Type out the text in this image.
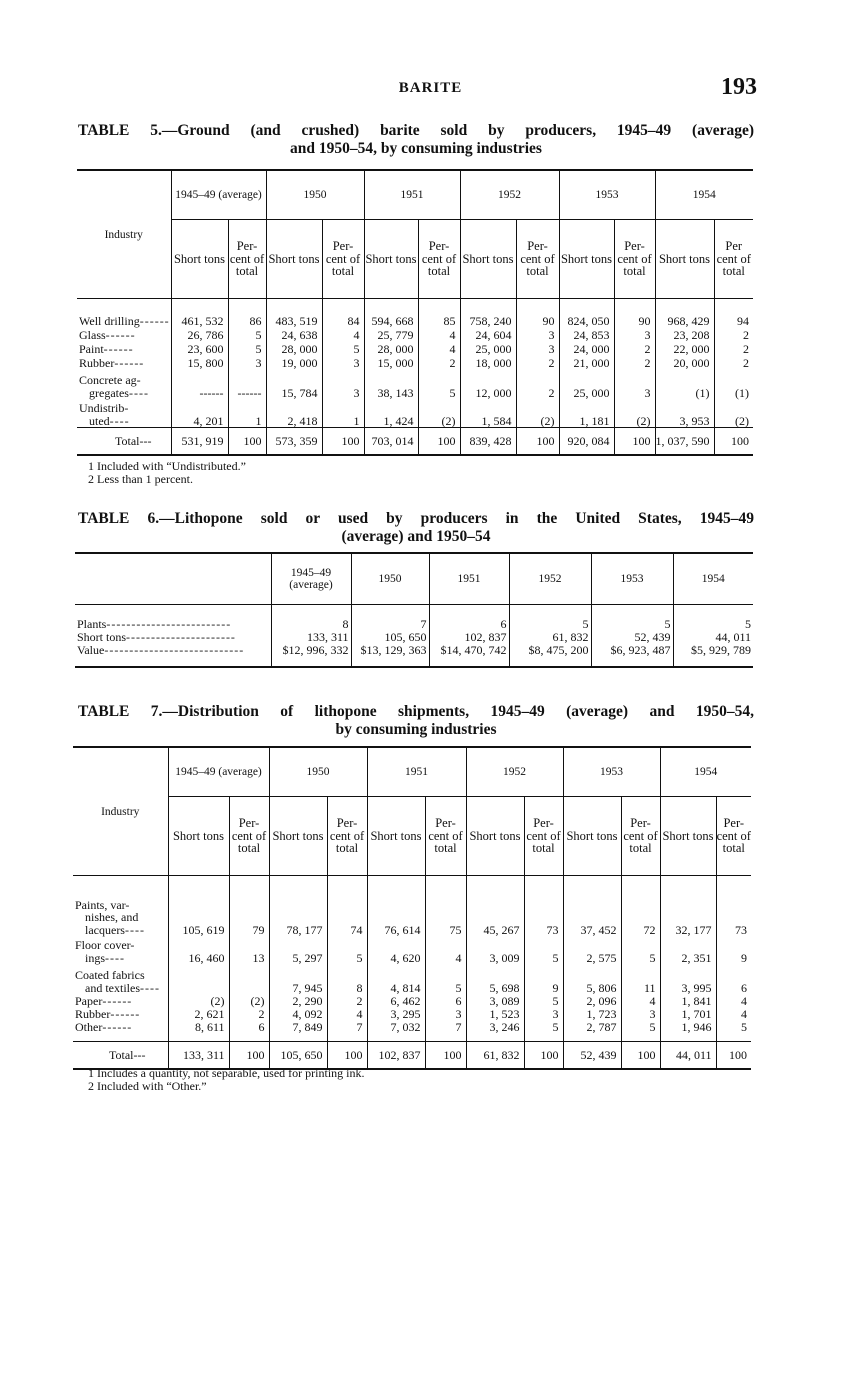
BARITE	193
TABLE 5.—Ground (and crushed) barite sold by producers, 1945–49 (average)
and 1950–54, by consuming industries
Industry	1945–49 (average)		1950		1951		1952		1953		1954	
	Short tons	Per- cent of total	Short tons	Per- cent of total	Short tons	Per- cent of total	Short tons	Per- cent of total	Short tons	Per- cent of total	Short tons	Per cent of total
Well drilling------	461, 532	86	483, 519	84	594, 668	85	758, 240	90	824, 050	90	968, 429	94
Glass------	26, 786	5	24, 638	4	25, 779	4	24, 604	3	24, 853	3	23, 208	2
Paint------	23, 600	5	28, 000	5	28, 000	4	25, 000	3	24, 000	2	22, 000	2
Rubber------	15, 800	3	19, 000	3	15, 000	2	18, 000	2	21, 000	2	20, 000	2

Concrete ag-
gregates----	------	------	15, 784	3	38, 143	5	12, 000	2	25, 000	3	(1)	(1)

Undistrib-
uted----	4, 201	1	2, 418	1	1, 424	(2)	1, 584	(2)	1, 181	(2)	3, 953	(2)
Total---	531, 919	100	573, 359	100	703, 014	100	839, 428	100	920, 084	100	1, 037, 590	100
1 Included with “Undistributed.”
2 Less than 1 percent.
TABLE 6.—Lithopone sold or used by producers in the United States, 1945–49
(average) and 1950–54
	1945–49 (average)	1950	1951	1952	1953	1954
Plants-------------------------	8	7	6	5	5	5
Short tons----------------------	133, 311	105, 650	102, 837	61, 832	52, 439	44, 011
Value----------------------------	$12, 996, 332	$13, 129, 363	$14, 470, 742	$8, 475, 200	$6, 923, 487	$5, 929, 789
TABLE 7.—Distribution of lithopone shipments, 1945–49 (average) and 1950–54,
by consuming industries
Industry	1945–49 (average)		1950		1951		1952		1953		1954	
	Short tons	Per- cent of total	Short tons	Per- cent of total	Short tons	Per- cent of total	Short tons	Per- cent of total	Short tons	Per- cent of total	Short tons	Per- cent of total

Paints, var-
nishes, and
lacquers----	105, 619	79	78, 177	74	76, 614	75	45, 267	73	37, 452	72	32, 177	73

Floor cover-
ings----	16, 460	13	5, 297	5	4, 620	4	3, 009	5	2, 575	5	2, 351	9

Coated fabrics
and textiles----			7, 945	8	4, 814	5	5, 698	9	5, 806	11	3, 995	6
Paper------	(2)	(2)	2, 290	2	6, 462	6	3, 089	5	2, 096	4	1, 841	4
Rubber------	2, 621	2	4, 092	4	3, 295	3	1, 523	3	1, 723	3	1, 701	4
Other------	8, 611	6	7, 849	7	7, 032	7	3, 246	5	2, 787	5	1, 946	5
Total---	133, 311	100	105, 650	100	102, 837	100	61, 832	100	52, 439	100	44, 011	100
1 Includes a quantity, not separable, used for printing ink.
2 Included with “Other.”
